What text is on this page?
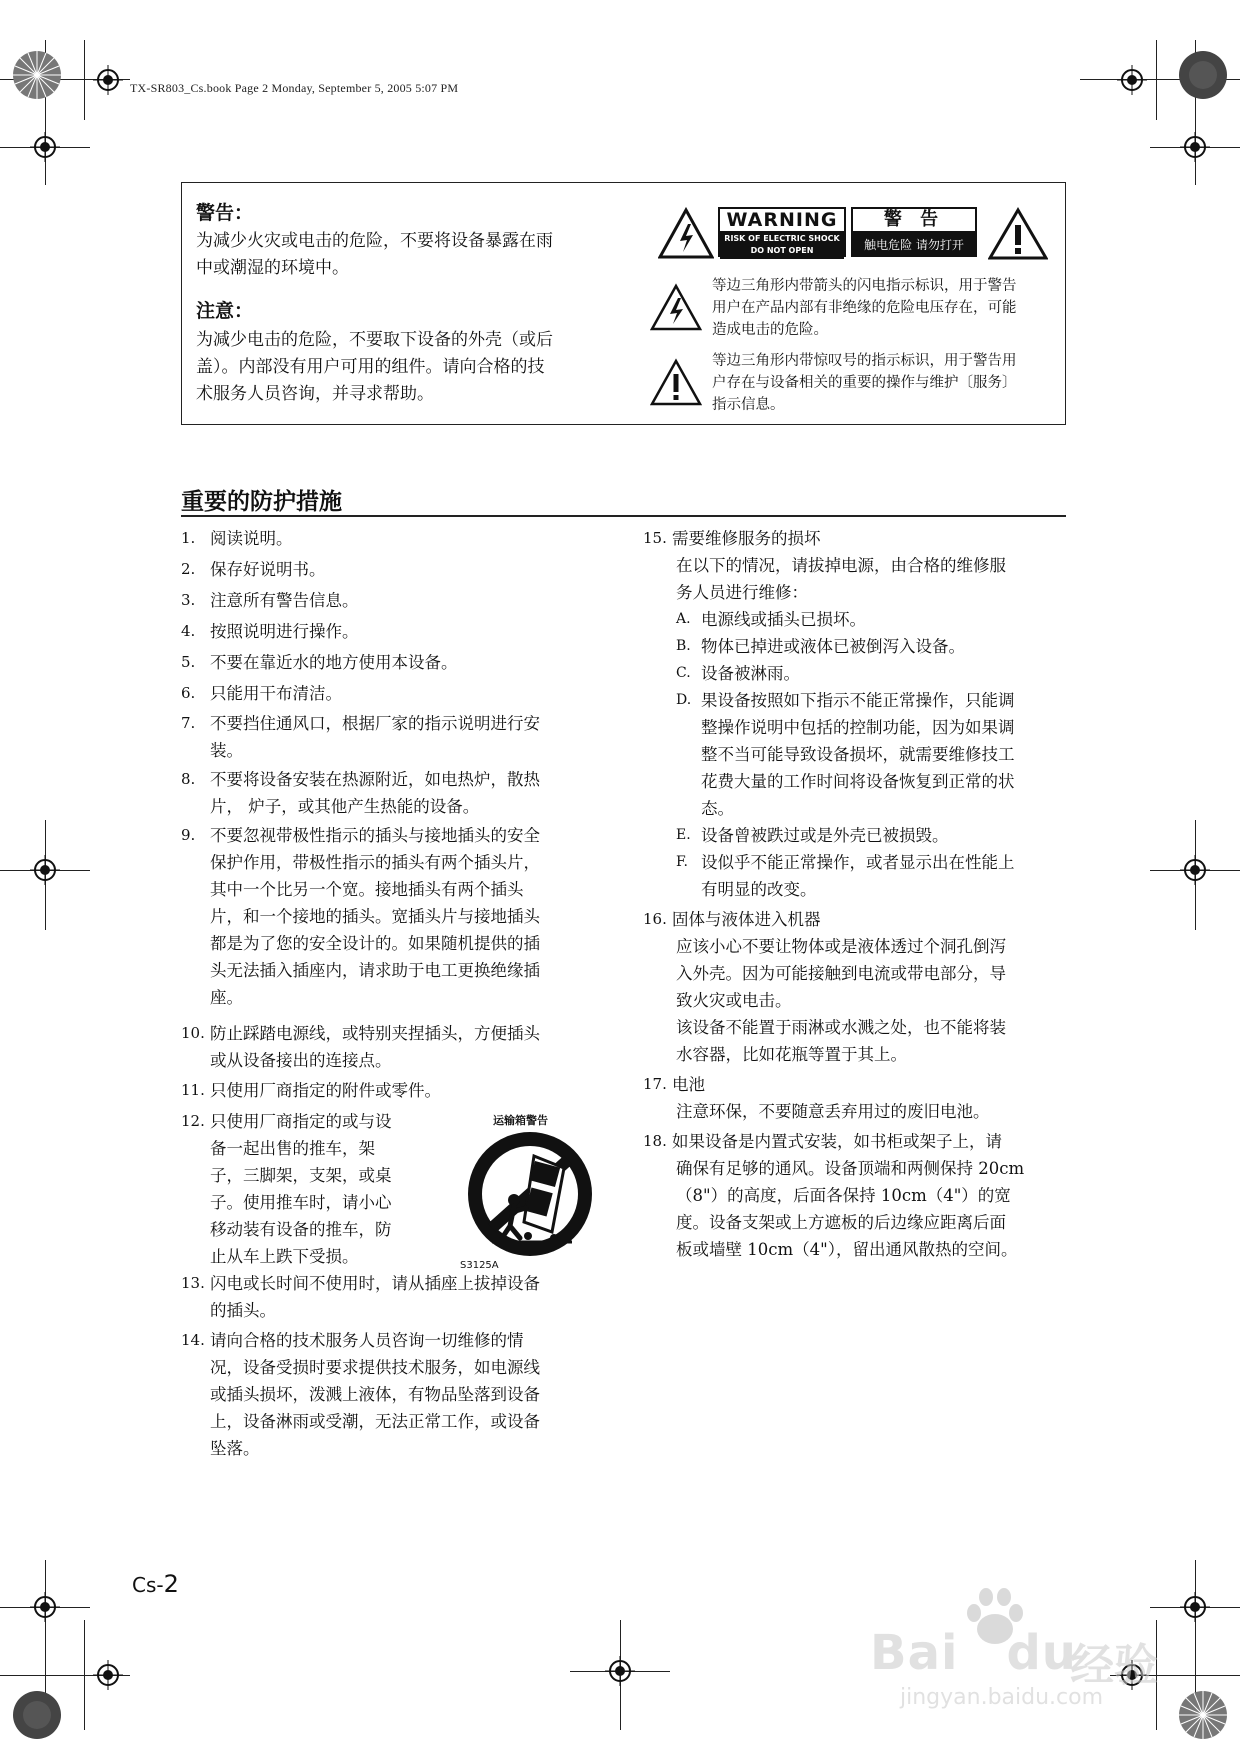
TX-SR803_Cs.book Page 2 Monday, September 5, 2005 5:07 PM
警告：
为减少火灾或电击的危险，不要将设备暴露在雨
中或潮湿的环境中。
注意：
为减少电击的危险，不要取下设备的外壳（或后
盖）。内部没有用户可用的组件。请向合格的技
术服务人员咨询，并寻求帮助。
WARNING
RISK OF ELECTRIC SHOCK
DO NOT OPEN
警 告
触电危险 请勿打开
等边三角形内带箭头的闪电指示标识，用于警告
用户在产品内部有非绝缘的危险电压存在，可能
造成电击的危险。
等边三角形内带惊叹号的指示标识，用于警告用
户存在与设备相关的重要的操作与维护〔服务〕
指示信息。
重要的防护措施
1. 阅读说明。
2. 保存好说明书。
3. 注意所有警告信息。
4. 按照说明进行操作。
5. 不要在靠近水的地方使用本设备。
6. 只能用干布清洁。
7. 不要挡住通风口，根据厂家的指示说明进行安
装。
8. 不要将设备安装在热源附近，如电热炉，散热
片， 炉子，或其他产生热能的设备。
9. 不要忽视带极性指示的插头与接地插头的安全
保护作用，带极性指示的插头有两个插头片，
其中一个比另一个宽。接地插头有两个插头
片，和一个接地的插头。宽插头片与接地插头
都是为了您的安全设计的。如果随机提供的插
头无法插入插座内，请求助于电工更换绝缘插
座。
10. 防止踩踏电源线，或特别夹捏插头，方便插头
或从设备接出的连接点。
11. 只使用厂商指定的附件或零件。
12. 只使用厂商指定的或与设
备一起出售的推车，架
子，三脚架，支架，或桌
子。使用推车时，请小心
移动装有设备的推车，防
止从车上跌下受损。
13. 闪电或长时间不使用时，请从插座上拔掉设备
的插头。
14. 请向合格的技术服务人员咨询一切维修的情
况，设备受损时要求提供技术服务，如电源线
或插头损坏，泼溅上液体，有物品坠落到设备
上，设备淋雨或受潮，无法正常工作，或设备
坠落。
运输箱警告
S3125A
15. 需要维修服务的损坏
在以下的情况，请拔掉电源，由合格的维修服
务人员进行维修：
A. 电源线或插头已损坏。
B. 物体已掉进或液体已被倒泻入设备。
C. 设备被淋雨。
D. 果设备按照如下指示不能正常操作，只能调
整操作说明中包括的控制功能，因为如果调
整不当可能导致设备损坏，就需要维修技工
花费大量的工作时间将设备恢复到正常的状
态。
E. 设备曾被跌过或是外壳已被损毁。
F. 设似乎不能正常操作，或者显示出在性能上
有明显的改变。
16. 固体与液体进入机器
应该小心不要让物体或是液体透过个洞孔倒泻
入外壳。因为可能接触到电流或带电部分，导
致火灾或电击。
该设备不能置于雨淋或水溅之处，也不能将装
水容器，比如花瓶等置于其上。
17. 电池
注意环保，不要随意丢弃用过的废旧电池。
18. 如果设备是内置式安装，如书柜或架子上，请
确保有足够的通风。设备顶端和两侧保持 20cm
（8"）的高度，后面各保持 10cm（4"）的宽
度。设备支架或上方遮板的后边缘应距离后面
板或墙壁 10cm（4"），留出通风散热的空间。
Cs-2
Bai du
经验
jingyan.baidu.com
